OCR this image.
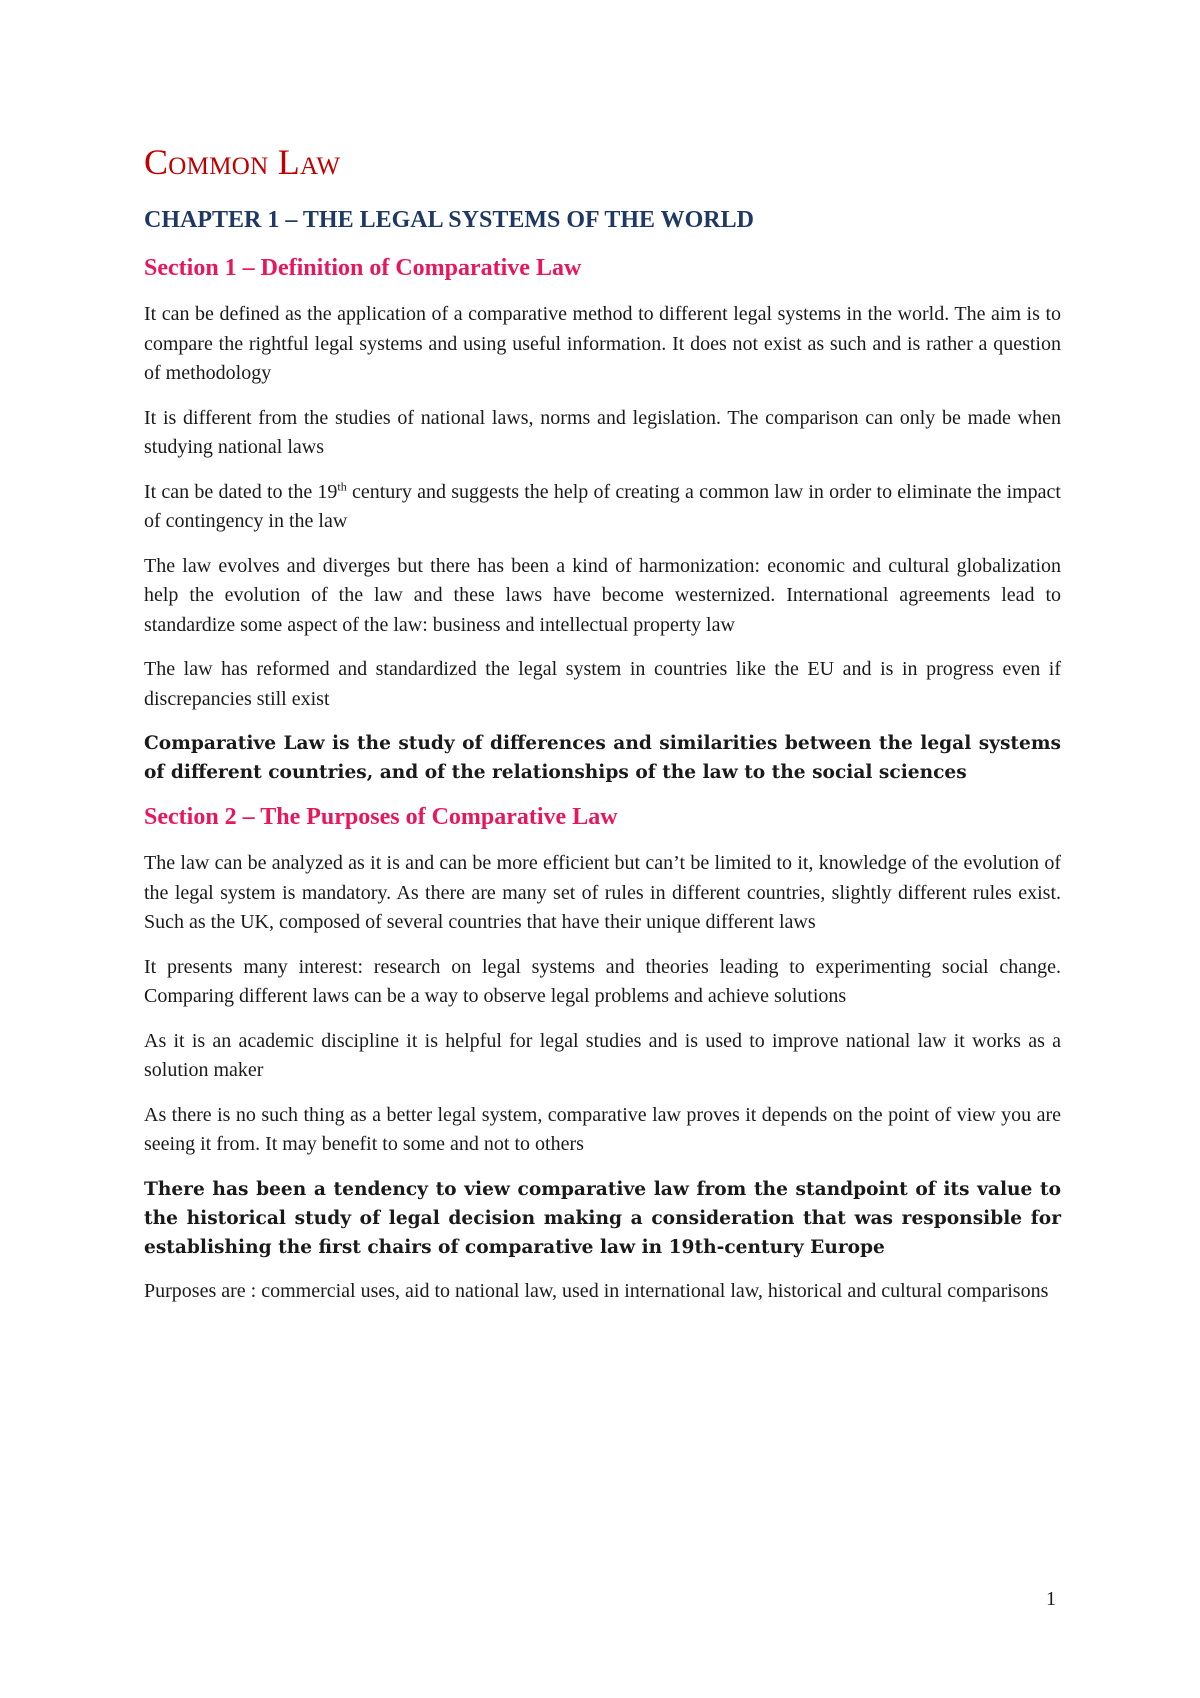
Common Law
CHAPTER 1 – THE LEGAL SYSTEMS OF THE WORLD
Section 1 – Definition of Comparative Law

It can be defined as the application of a comparative method to different legal systems in the world. The aim is to compare the rightful legal systems and using useful information. It does not exist as such and is rather a question of methodology

It is different from the studies of national laws, norms and legislation. The comparison can only be made when studying national laws

It can be dated to the 19th century and suggests the help of creating a common law in order to eliminate the impact of contingency in the law

The law evolves and diverges but there has been a kind of harmonization: economic and cultural globalization help the evolution of the law and these laws have become westernized. International agreements lead to standardize some aspect of the law: business and intellectual property law

The law has reformed and standardized the legal system in countries like the EU and is in progress even if discrepancies still exist

Comparative Law is the study of differences and similarities between the legal systems of different countries, and of the relationships of the law to the social sciences

Section 2 – The Purposes of Comparative Law

The law can be analyzed as it is and can be more efficient but can’t be limited to it, knowledge of the evolution of the legal system is mandatory. As there are many set of rules in different countries, slightly different rules exist. Such as the UK, composed of several countries that have their unique different laws

It presents many interest: research on legal systems and theories leading to experimenting social change. Comparing different laws can be a way to observe legal problems and achieve solutions

As it is an academic discipline it is helpful for legal studies and is used to improve national law it works as a solution maker

As there is no such thing as a better legal system, comparative law proves it depends on the point of view you are seeing it from. It may benefit to some and not to others

There has been a tendency to view comparative law from the standpoint of its value to the historical study of legal decision making a consideration that was responsible for establishing the first chairs of comparative law in 19th-century Europe

Purposes are : commercial uses, aid to national law, used in international law, historical and cultural comparisons

1
